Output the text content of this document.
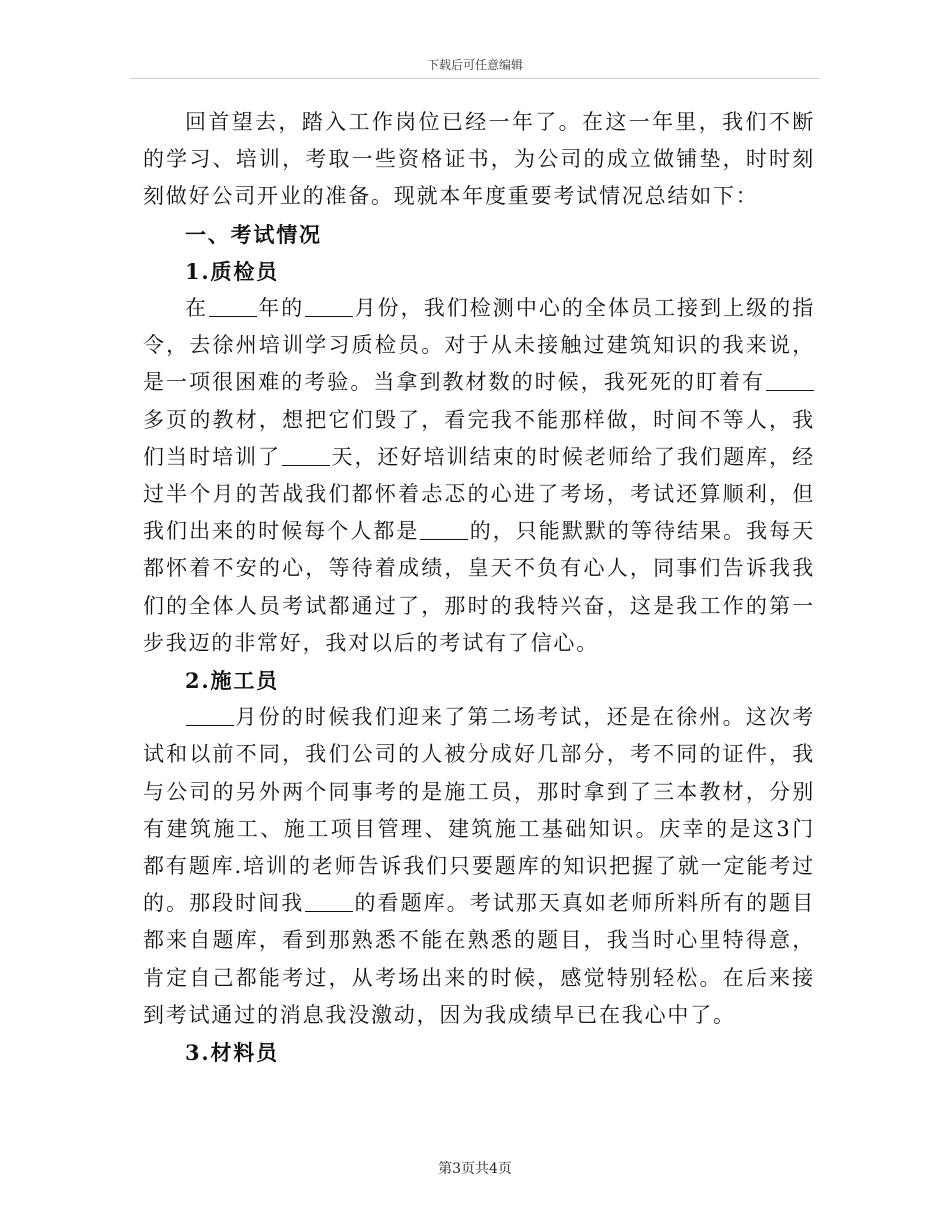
下载后可任意编辑

回首望去，踏入工作岗位已经一年了。在这一年里，我们不断的学习、培训，考取一些资格证书，为公司的成立做铺垫，时时刻刻做好公司开业的准备。现就本年度重要考试情况总结如下：

一、考试情况

1.质检员

在 年的 月份，我们检测中心的全体员工接到上级的指令，去徐州培训学习质检员。对于从未接触过建筑知识的我来说，是一项很困难的考验。当拿到教材数的时候，我死死的盯着有多页的教材，想把它们毁了，看完我不能那样做，时间不等人，我们当时培训了 天，还好培训结束的时候老师给了我们题库，经过半个月的苦战我们都怀着忐忑的心进了考场，考试还算顺利，但我们出来的时候每个人都是 的，只能默默的等待结果。我每天都怀着不安的心，等待着成绩，皇天不负有心人，同事们告诉我我们的全体人员考试都通过了，那时的我特兴奋，这是我工作的第一步我迈的非常好，我对以后的考试有了信心。

2.施工员

月份的时候我们迎来了第二场考试，还是在徐州。这次考试和以前不同，我们公司的人被分成好几部分，考不同的证件，我与公司的另外两个同事考的是施工员，那时拿到了三本教材，分别有建筑施工、施工项目管理、建筑施工基础知识。庆幸的是这3门都有题库.培训的老师告诉我们只要题库的知识把握了就一定能考过的。那段时间我 的看题库。考试那天真如老师所料所有的题目都来自题库，看到那熟悉不能在熟悉的题目，我当时心里特得意，肯定自己都能考过，从考场出来的时候，感觉特别轻松。在后来接到考试通过的消息我没激动，因为我成绩早已在我心中了。

3.材料员

第3页共4页
